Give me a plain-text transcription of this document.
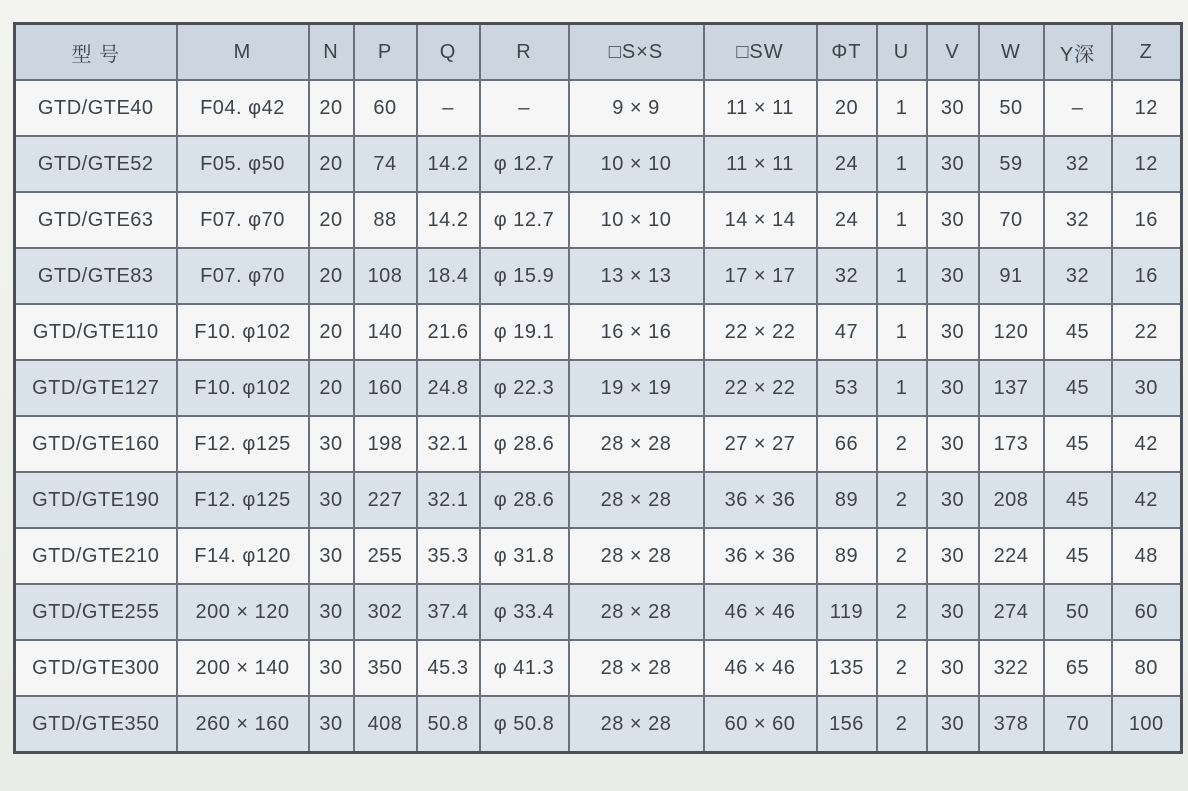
型 号	M	N	P	Q	R	□S×S	□SW	ΦT	U	V	W	Y深	Z
GTD/GTE40	F04. φ42	20	60	–	–	9 × 9	11 × 11	20	1	30	50	–	12
GTD/GTE52	F05. φ50	20	74	14.2	φ 12.7	10 × 10	11 × 11	24	1	30	59	32	12
GTD/GTE63	F07. φ70	20	88	14.2	φ 12.7	10 × 10	14 × 14	24	1	30	70	32	16
GTD/GTE83	F07. φ70	20	108	18.4	φ 15.9	13 × 13	17 × 17	32	1	30	91	32	16
GTD/GTE110	F10. φ102	20	140	21.6	φ 19.1	16 × 16	22 × 22	47	1	30	120	45	22
GTD/GTE127	F10. φ102	20	160	24.8	φ 22.3	19 × 19	22 × 22	53	1	30	137	45	30
GTD/GTE160	F12. φ125	30	198	32.1	φ 28.6	28 × 28	27 × 27	66	2	30	173	45	42
GTD/GTE190	F12. φ125	30	227	32.1	φ 28.6	28 × 28	36 × 36	89	2	30	208	45	42
GTD/GTE210	F14. φ120	30	255	35.3	φ 31.8	28 × 28	36 × 36	89	2	30	224	45	48
GTD/GTE255	200 × 120	30	302	37.4	φ 33.4	28 × 28	46 × 46	119	2	30	274	50	60
GTD/GTE300	200 × 140	30	350	45.3	φ 41.3	28 × 28	46 × 46	135	2	30	322	65	80
GTD/GTE350	260 × 160	30	408	50.8	φ 50.8	28 × 28	60 × 60	156	2	30	378	70	100
